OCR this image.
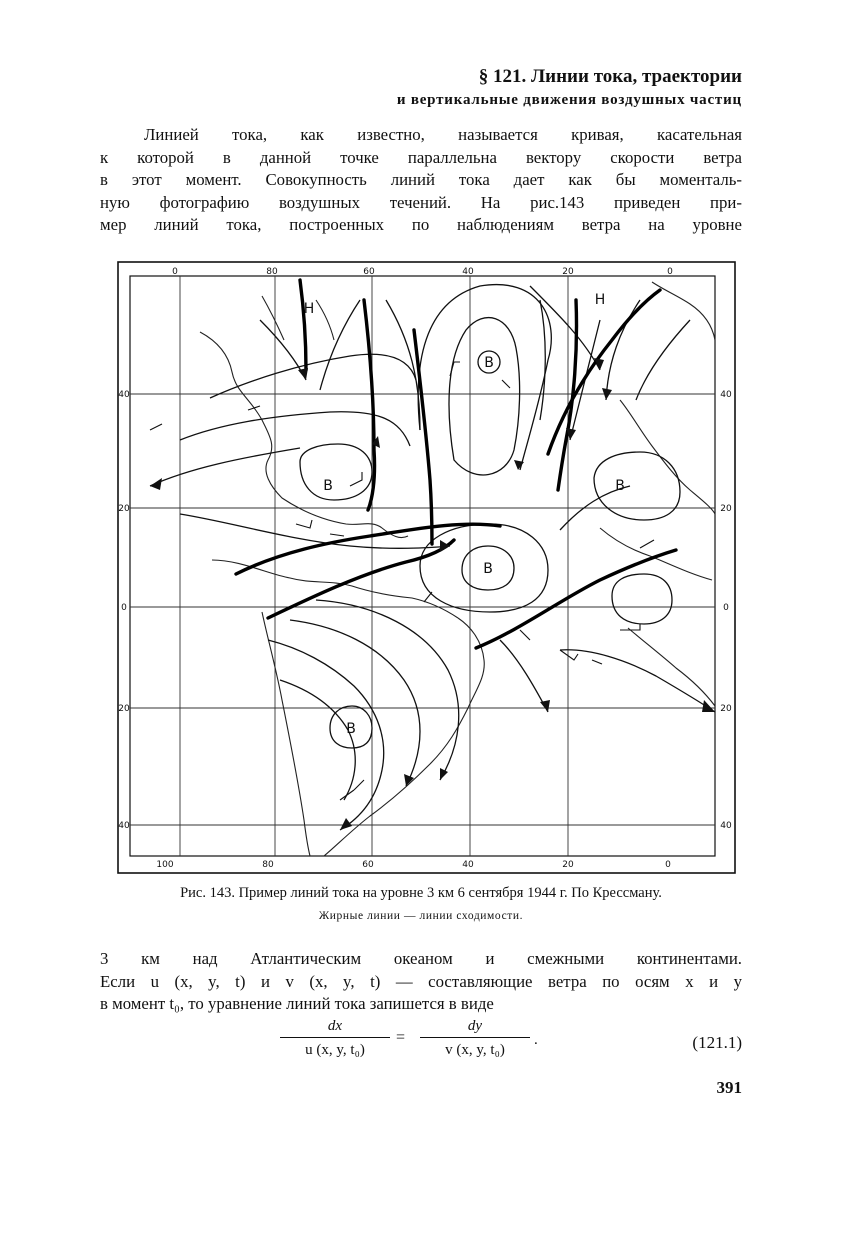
§ 121. Линии тока, траектории
и вертикальные движения воздушных частиц
Линией тока, как известно, называется кривая, касательная
к которой в данной точке параллельна вектору скорости ветра
в этот момент. Совокупность линий тока дает как бы моменталь-
ную фотографию воздушных течений. На рис.143 приведен при-
мер линий тока, построенных по наблюдениям ветра на уровне
0	80	60	40	20	0
100	80	60	40	20	0
40
20
0
20
40
40
20
0
20
40
Н
Н
В
В	В
В
В
Рис. 143. Пример линий тока на уровне 3 км 6 сентября 1944 г. По Крессману.
Жирные линии — линии сходимости.
3 км над Атлантическим океаном и смежными континентами.
Если u (x, y, t) и v (x, y, t) — составляющие ветра по осям x и y
в момент t₀, то уравнение линий тока запишется в виде
dx
u (x, y, t₀)
=
dy
v (x, y, t₀)
.	(121.1)
391
